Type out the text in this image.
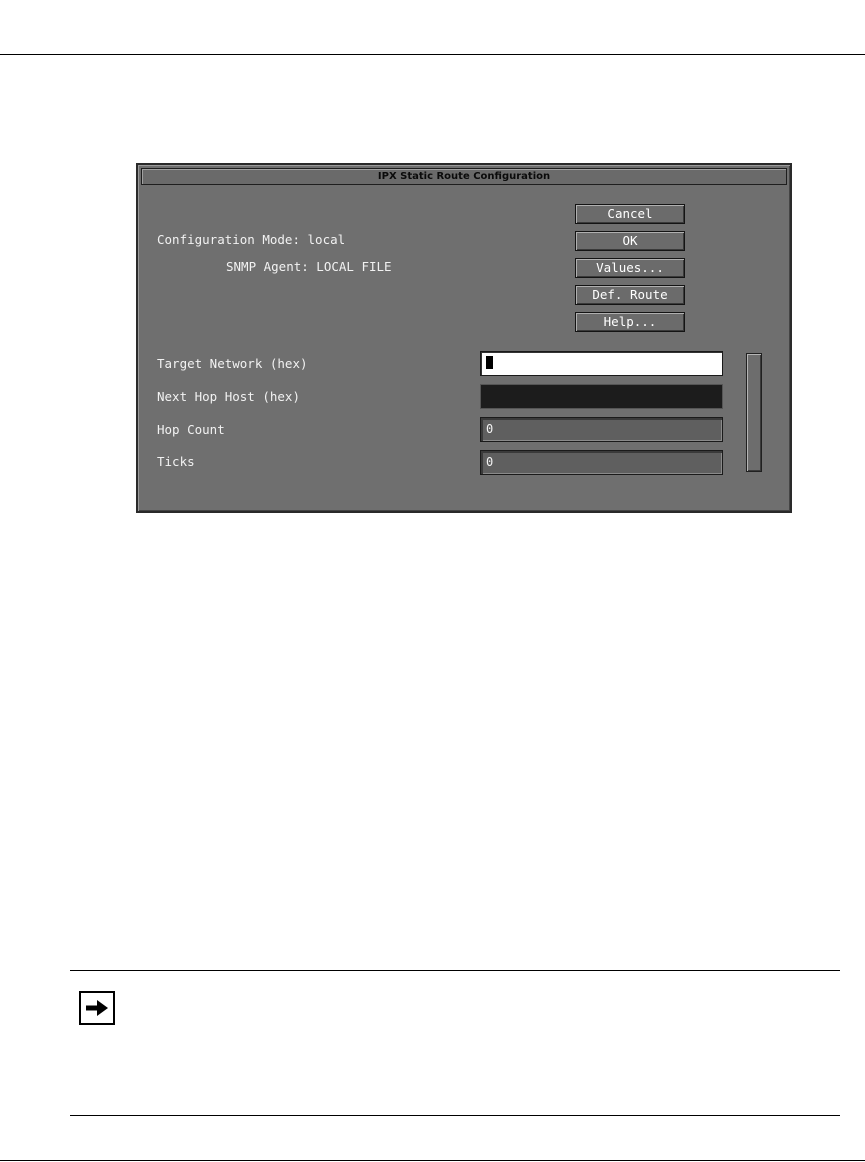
IPX Static Route Configuration
Configuration Mode: local
SNMP Agent: LOCAL FILE
Cancel
OK
Values...
Def. Route
Help...
Target Network (hex)
Next Hop Host (hex)
Hop Count	0
Ticks	0
